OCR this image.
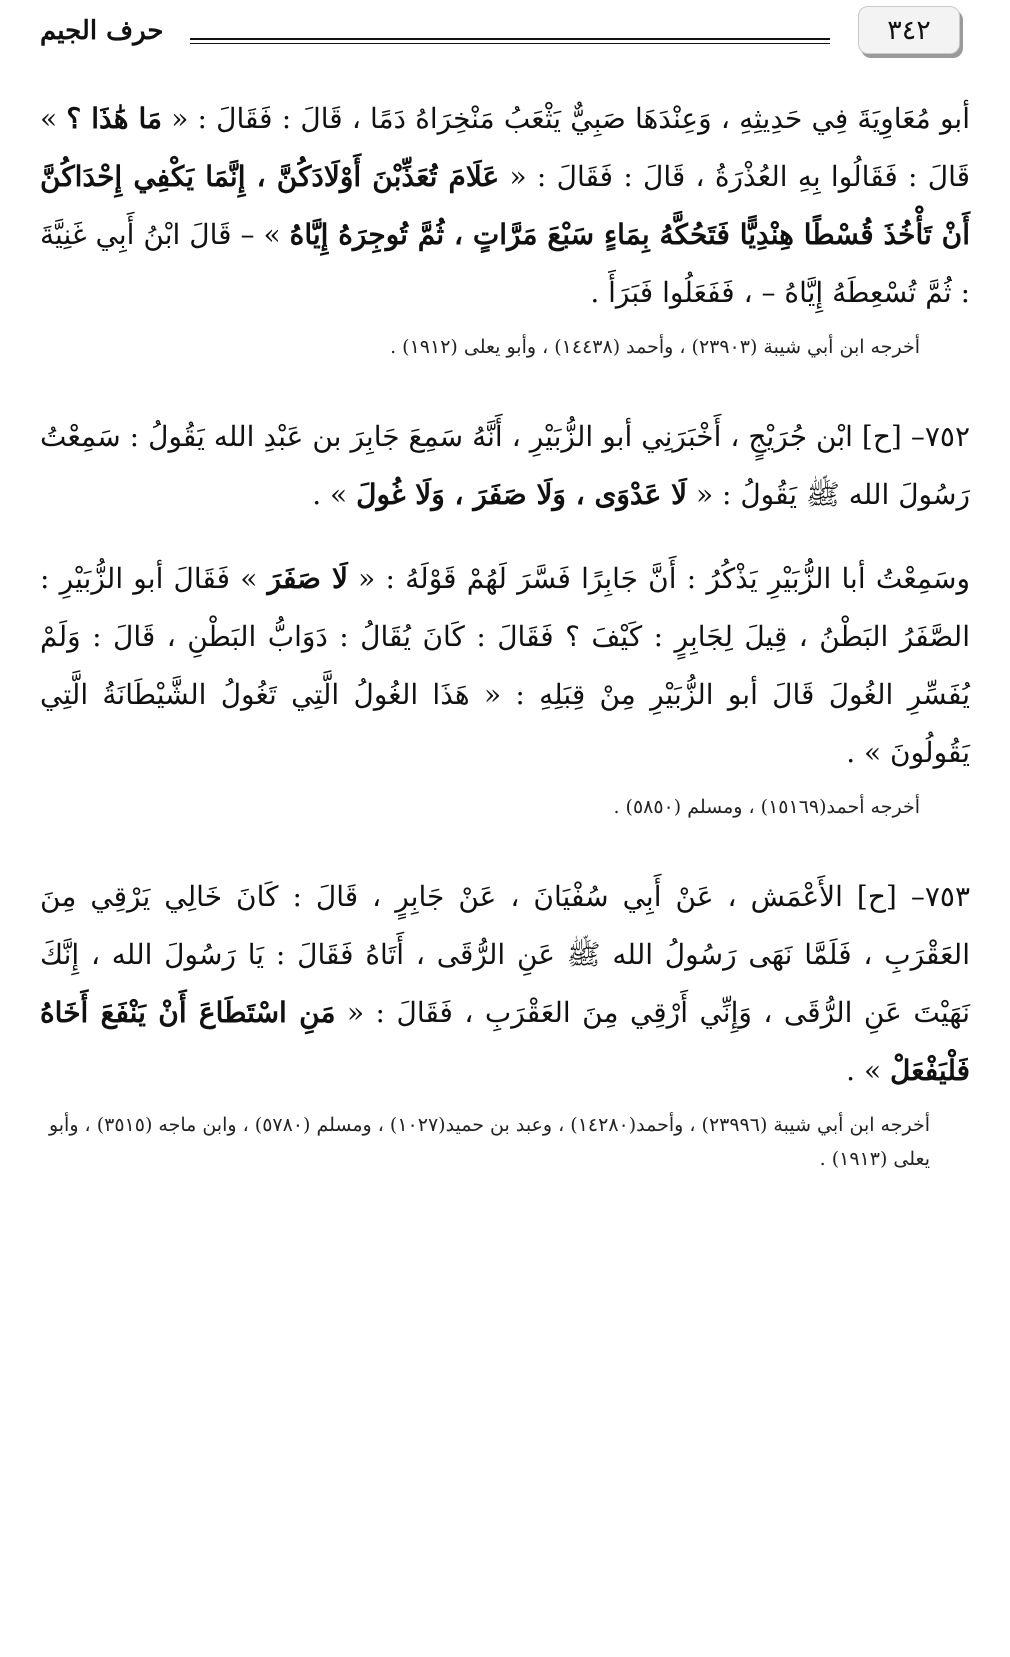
٣٤٢
حرف الجيم

أبو مُعَاوِيَةَ فِي حَدِيثِهِ ، وَعِنْدَهَا صَبِيٌّ يَثْعَبُ مَنْخِرَاهُ دَمًا ، قَالَ : فَقَالَ : « مَا هَٰذَا ؟ » قَالَ : فَقَالُوا بِهِ العُذْرَةُ ، قَالَ : فَقَالَ : « عَلَامَ تُعَذِّبْنَ أَوْلَادَكُنَّ ، إِنَّمَا يَكْفِي إِحْدَاكُنَّ أَنْ تَأْخُذَ قُسْطًا هِنْدِيًّا فَتَحُكَّهُ بِمَاءٍ سَبْعَ مَرَّاتٍ ، ثُمَّ تُوجِرَهُ إِيَّاهُ » – قَالَ ابْنُ أَبِي غَنِيَّةَ : ثُمَّ تُسْعِطَهُ إِيَّاهُ – ، فَفَعَلُوا فَبَرَأَ .

أخرجه ابن أبي شيبة (٢٣٩٠٣) ، وأحمد (١٤٤٣٨) ، وأبو يعلى (١٩١٢) .

٧٥٢– [ح] ابْن جُرَيْجٍ ، أَخْبَرَنِي أبو الزُّبَيْرِ ، أَنَّهُ سَمِعَ جَابِرَ بن عَبْدِ الله يَقُولُ : سَمِعْتُ رَسُولَ الله ﷺ يَقُولُ : « لَا عَدْوَى ، وَلَا صَفَرَ ، وَلَا غُولَ » .

وسَمِعْتُ أبا الزُّبَيْرِ يَذْكُرُ : أَنَّ جَابِرًا فَسَّرَ لَهُمْ قَوْلَهُ : « لَا صَفَرَ » فَقَالَ أبو الزُّبَيْرِ : الصَّفَرُ البَطْنُ ، قِيلَ لِجَابِرٍ : كَيْفَ ؟ فَقَالَ : كَانَ يُقَالُ : دَوَابُّ البَطْنِ ، قَالَ : وَلَمْ يُفَسِّرِ الغُولَ قَالَ أبو الزُّبَيْرِ مِنْ قِبَلِهِ : « هَذَا الغُولُ الَّتِي تَغُولُ الشَّيْطَانَةُ الَّتِي يَقُولُونَ » .

أخرجه أحمد(١٥١٦٩) ، ومسلم (٥٨٥٠) .

٧٥٣– [ح] الأَعْمَش ، عَنْ أَبِي سُفْيَانَ ، عَنْ جَابِرٍ ، قَالَ : كَانَ خَالِي يَرْقِي مِنَ العَقْرَبِ ، فَلَمَّا نَهَى رَسُولُ الله ﷺ عَنِ الرُّقَى ، أَتَاهُ فَقَالَ : يَا رَسُولَ الله ، إِنَّكَ نَهَيْتَ عَنِ الرُّقَى ، وَإِنِّي أَرْقِي مِنَ العَقْرَبِ ، فَقَالَ : « مَنِ اسْتَطَاعَ أَنْ يَنْفَعَ أَخَاهُ فَلْيَفْعَلْ » .

أخرجه ابن أبي شيبة (٢٣٩٩٦) ، وأحمد(١٤٢٨٠) ، وعبد بن حميد(١٠٢٧) ، ومسلم (٥٧٨٠) ، وابن ماجه (٣٥١٥) ، وأبو يعلى (١٩١٣) .
